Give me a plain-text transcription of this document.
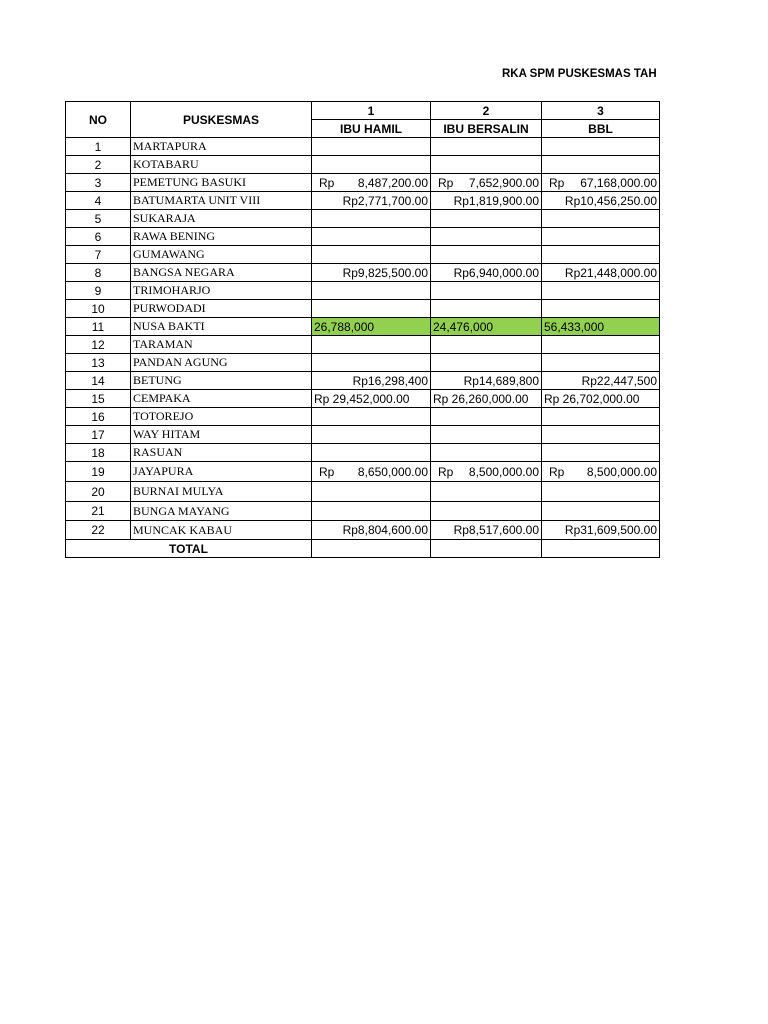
RKA SPM PUSKESMAS TAH
NO	PUSKESMAS	1	2	3
		IBU HAMIL	IBU BERSALIN	BBL
1	MARTAPURA			
2	KOTABARU			
3	PEMETUNG BASUKI	Rp 8,487,200.00	Rp 7,652,900.00	Rp 67,168,000.00

4	BATUMARTA UNIT VIII	Rp2,771,700.00	Rp1,819,900.00	Rp10,456,250.00
5	SUKARAJA			
6	RAWA BENING			
7	GUMAWANG			
8	BANGSA NEGARA	Rp9,825,500.00	Rp6,940,000.00	Rp21,448,000.00
9	TRIMOHARJO			
10	PURWODADI			
11	NUSA BAKTI	26,788,000	24,476,000	56,433,000
12	TARAMAN			
13	PANDAN AGUNG			
14	BETUNG	Rp16,298,400	Rp14,689,800	Rp22,447,500
15	CEMPAKA	Rp 29,452,000.00	Rp 26,260,000.00	Rp 26,702,000.00
16	TOTOREJO			
17	WAY HITAM			
18	RASUAN			
19	JAYAPURA	Rp 8,650,000.00	Rp 8,500,000.00	Rp 8,500,000.00

20	BURNAI MULYA			
21	BUNGA MAYANG			
22	MUNCAK KABAU	Rp8,804,600.00	Rp8,517,600.00	Rp31,609,500.00
TOTAL				
